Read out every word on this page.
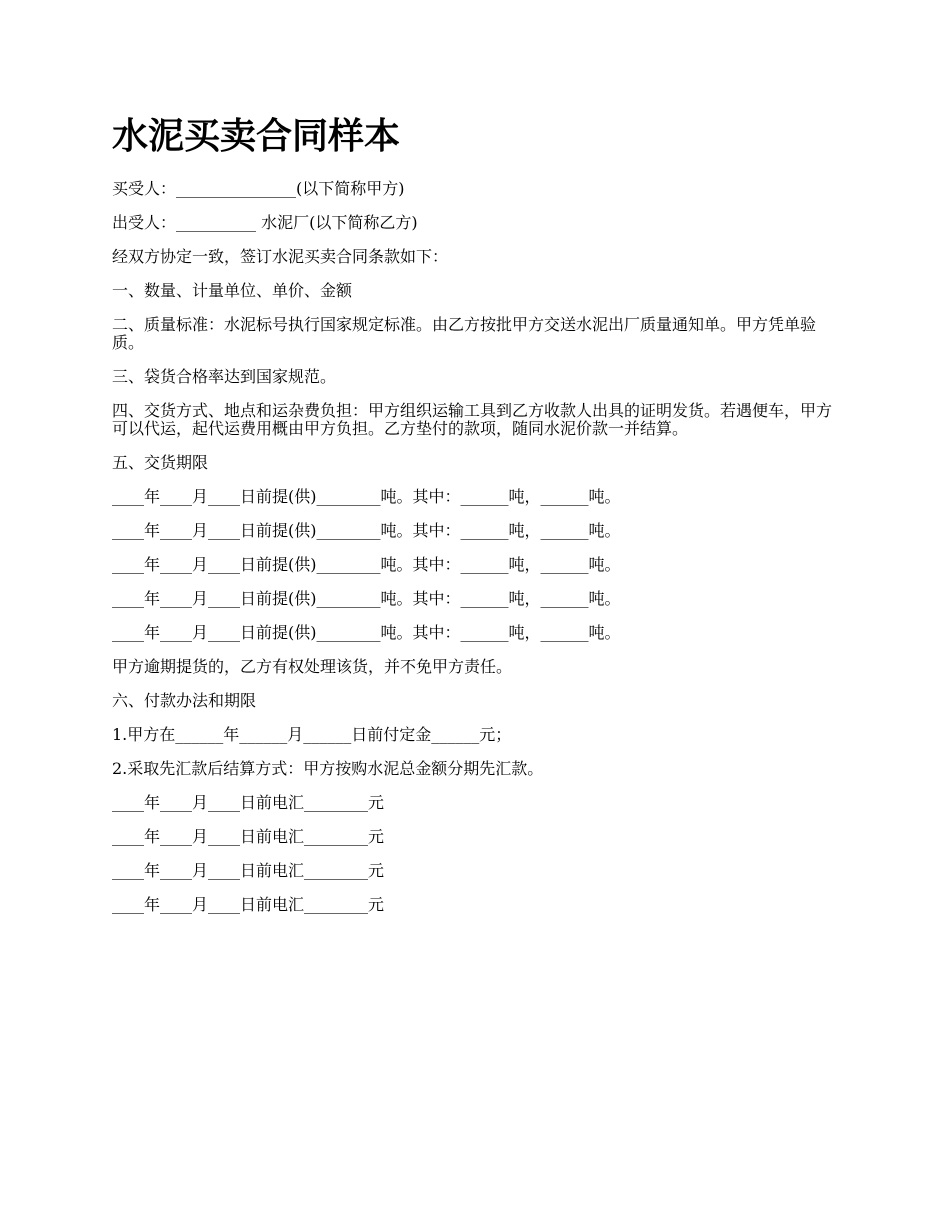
水泥买卖合同样本

买受人：_______________(以下简称甲方)

出受人：__________ 水泥厂(以下简称乙方)

经双方协定一致，签订水泥买卖合同条款如下：

一、数量、计量单位、单价、金额

二、质量标准：水泥标号执行国家规定标准。由乙方按批甲方交送水泥出厂质量通知单。甲方凭单验质。

三、袋货合格率达到国家规范。

四、交货方式、地点和运杂费负担：甲方组织运输工具到乙方收款人出具的证明发货。若遇便车，甲方可以代运，起代运费用概由甲方负担。乙方垫付的款项，随同水泥价款一并结算。

五、交货期限

____年____月____日前提(供)________吨。其中：______吨，______吨。

____年____月____日前提(供)________吨。其中：______吨，______吨。

____年____月____日前提(供)________吨。其中：______吨，______吨。

____年____月____日前提(供)________吨。其中：______吨，______吨。

____年____月____日前提(供)________吨。其中：______吨，______吨。

甲方逾期提货的，乙方有权处理该货，并不免甲方责任。

六、付款办法和期限

1.甲方在______年______月______日前付定金______元；

2.采取先汇款后结算方式：甲方按购水泥总金额分期先汇款。

____年____月____日前电汇________元

____年____月____日前电汇________元

____年____月____日前电汇________元

____年____月____日前电汇________元
